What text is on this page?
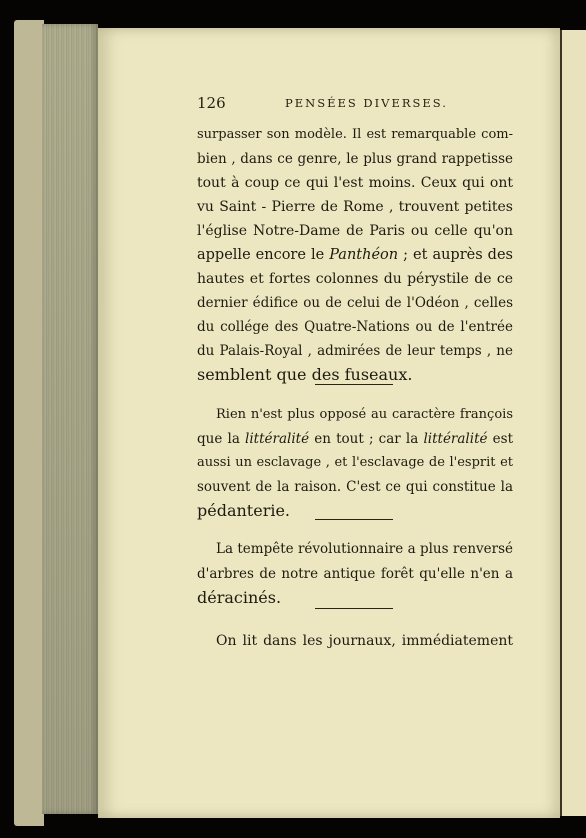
126	PENSÉES DIVERSES.
surpasser son modèle. Il est remarquable com-
bien , dans ce genre, le plus grand rappetisse
tout à coup ce qui l'est moins. Ceux qui ont
vu Saint - Pierre de Rome , trouvent petites
l'église Notre-Dame de Paris ou celle qu'on
appelle encore le Panthéon ; et auprès des
hautes et fortes colonnes du pérystile de ce
dernier édifice ou de celui de l'Odéon , celles
du collége des Quatre-Nations ou de l'entrée
du Palais-Royal , admirées de leur temps , ne
semblent que des fuseaux.
Rien n'est plus opposé au caractère françois
que la littéralité en tout ; car la littéralité est
aussi un esclavage , et l'esclavage de l'esprit et
souvent de la raison. C'est ce qui constitue la
pédanterie.
La tempête révolutionnaire a plus renversé
d'arbres de notre antique forêt qu'elle n'en a
déracinés.
On lit dans les journaux, immédiatement
